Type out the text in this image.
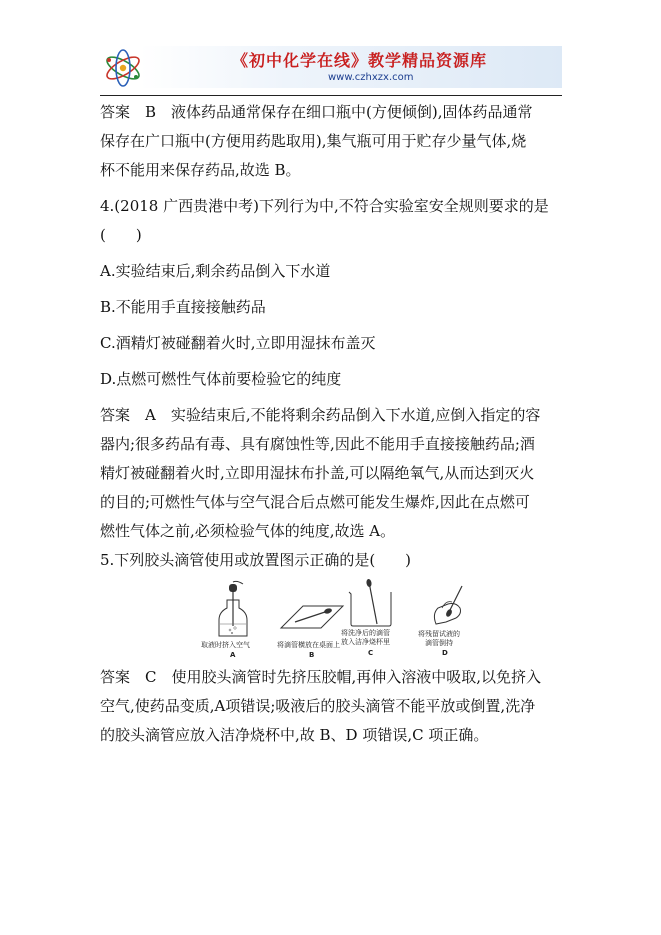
《初中化学在线》教学精品资源库
www.czhxzx.com
答案　B　液体药品通常保存在细口瓶中(方便倾倒),固体药品通常
保存在广口瓶中(方便用药匙取用),集气瓶可用于贮存少量气体,烧
杯不能用来保存药品,故选 B。
4.(2018 广西贵港中考)下列行为中,不符合实验室安全规则要求的是
(　　)
A.实验结束后,剩余药品倒入下水道
B.不能用手直接接触药品
C.酒精灯被碰翻着火时,立即用湿抹布盖灭
D.点燃可燃性气体前要检验它的纯度
答案　A　实验结束后,不能将剩余药品倒入下水道,应倒入指定的容
器内;很多药品有毒、具有腐蚀性等,因此不能用手直接接触药品;酒
精灯被碰翻着火时,立即用湿抹布扑盖,可以隔绝氧气,从而达到灭火
的目的;可燃性气体与空气混合后点燃可能发生爆炸,因此在点燃可
燃性气体之前,必须检验气体的纯度,故选 A。
5.下列胶头滴管使用或放置图示正确的是(　　)
取液时挤入空气
A
将滴管横放在桌面上
B
将洗净后的滴管
放入洁净烧杯里
C
将残留试液的
滴管倒持
D
答案　C　使用胶头滴管时先挤压胶帽,再伸入溶液中吸取,以免挤入
空气,使药品变质,A项错误;吸液后的胶头滴管不能平放或倒置,洗净
的胶头滴管应放入洁净烧杯中,故 B、D 项错误,C 项正确。
